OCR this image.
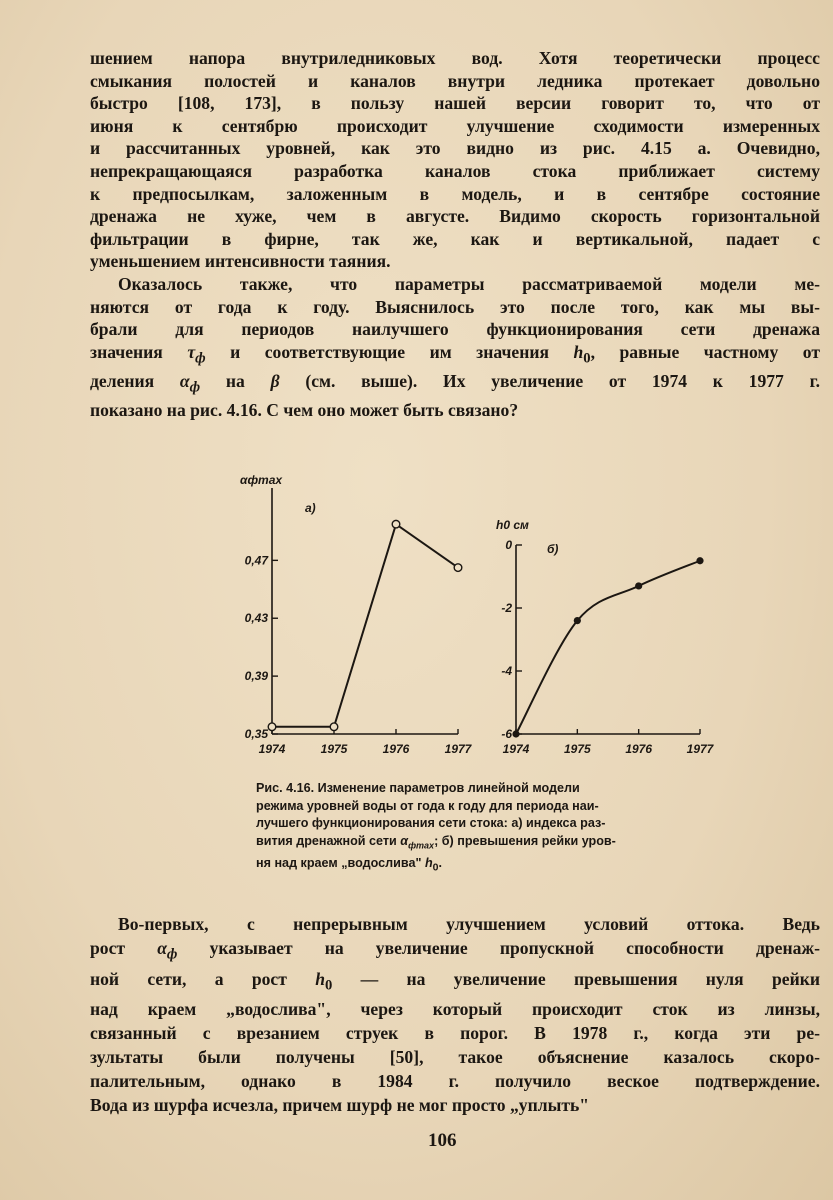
шением напора внутриледниковых вод. Хотя теоретически процесс
смыкания полостей и каналов внутри ледника протекает довольно
быстро [108, 173], в пользу нашей версии говорит то, что от
июня к сентябрю происходит улучшение сходимости измеренных
и рассчитанных уровней, как это видно из рис. 4.15 а. Очевидно,
непрекращающаяся разработка каналов стока приближает систему
к предпосылкам, заложенным в модель, и в сентябре состояние
дренажа не хуже, чем в августе. Видимо скорость горизонтальной
фильтрации в фирне, так же, как и вертикальной, падает с
уменьшением интенсивности таяния.
Оказалось также, что параметры рассматриваемой модели ме-
няются от года к году. Выяснилось это после того, как мы вы-
брали для периодов наилучшего функционирования сети дренажа
значения $\tau_ф$ и соответствующие им значения $h_0$, равные частному от
деления $\alpha_ф$ на β (см. выше). Их увеличение от 1974 к 1977 г.
показано на рис. 4.16. С чем оно может быть связано?
0,35
0,39
0,43
0,47
1974	1975	1976	1977
αфmax
а)
0
-2
-4
-6
1974	1975	1976	1977
h0 см
б)
Рис. 4.16. Изменение параметров линейной модели
режима уровней воды от года к году для периода наи-
лучшего функционирования сети стока: а) индекса раз-
вития дренажной сети $\alpha_{фmax}$; б) превышения рейки уров-
ня над краем „водослива" $h_0$.
Во-первых, с непрерывным улучшением условий оттока. Ведь
рост $\alpha_ф$ указывает на увеличение пропускной способности дренаж-
ной сети, а рост $h_0$ — на увеличение превышения нуля рейки
над краем „водослива", через который происходит сток из линзы,
связанный с врезанием струек в порог. В 1978 г., когда эти ре-
зультаты были получены [50], такое объяснение казалось скоро-
палительным, однако в 1984 г. получило веское подтверждение.
Вода из шурфа исчезла, причем шурф не мог просто „уплыть"
106
